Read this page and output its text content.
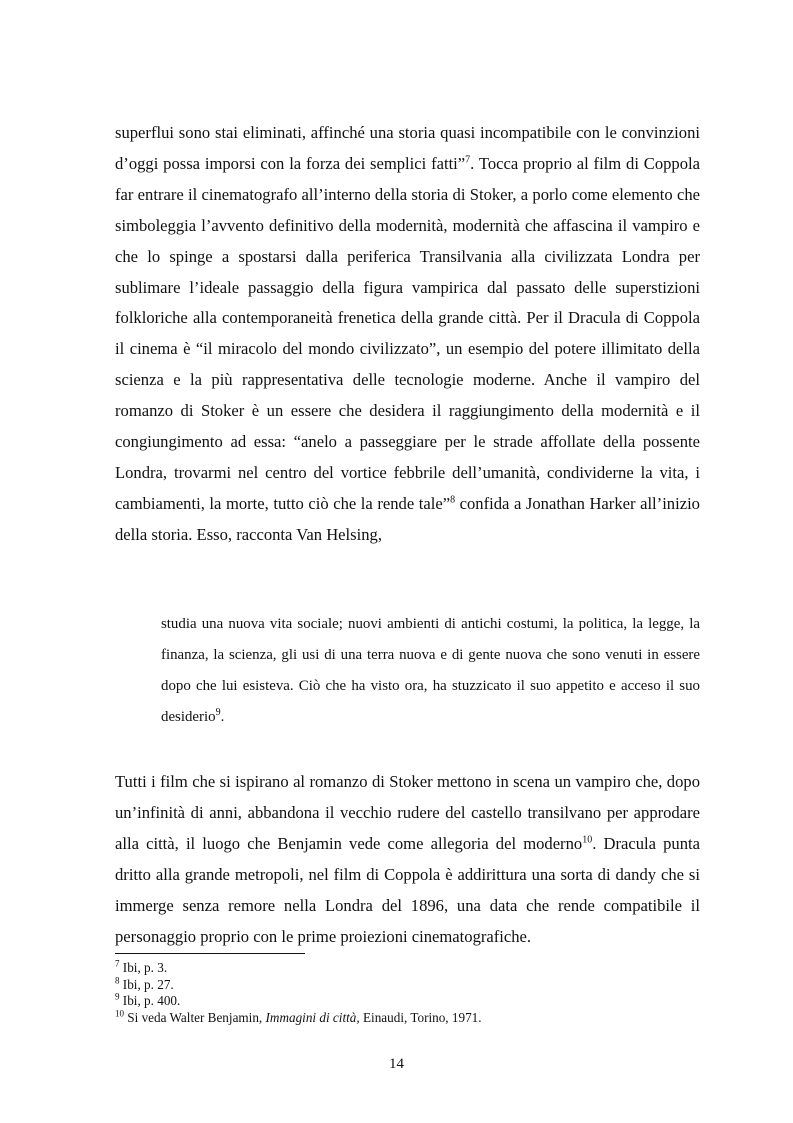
superflui sono stai eliminati, affinché una storia quasi incompatibile con le convinzioni d’oggi possa imporsi con la forza dei semplici fatti”$^7$. Tocca proprio al film di Coppola far entrare il cinematografo all’interno della storia di Stoker, a porlo come elemento che simboleggia l’avvento definitivo della modernità, modernità che affascina il vampiro e che lo spinge a spostarsi dalla periferica Transilvania alla civilizzata Londra per sublimare l’ideale passaggio della figura vampirica dal passato delle superstizioni folkloriche alla contemporaneità frenetica della grande città. Per il Dracula di Coppola il cinema è “il miracolo del mondo civilizzato”, un esempio del potere illimitato della scienza e la più rappresentativa delle tecnologie moderne. Anche il vampiro del romanzo di Stoker è un essere che desidera il raggiungimento della modernità e il congiungimento ad essa: “anelo a passeggiare per le strade affollate della possente Londra, trovarmi nel centro del vortice febbrile dell’umanità, condividerne la vita, i cambiamenti, la morte, tutto ciò che la rende tale”$^8$ confida a Jonathan Harker all’inizio della storia. Esso, racconta Van Helsing,

studia una nuova vita sociale; nuovi ambienti di antichi costumi, la politica, la legge, la finanza, la scienza, gli usi di una terra nuova e di gente nuova che sono venuti in essere dopo che lui esisteva. Ciò che ha visto ora, ha stuzzicato il suo appetito e acceso il suo desiderio$^9$.

Tutti i film che si ispirano al romanzo di Stoker mettono in scena un vampiro che, dopo un’infinità di anni, abbandona il vecchio rudere del castello transilvano per approdare alla città, il luogo che Benjamin vede come allegoria del moderno$^{10}$. Dracula punta dritto alla grande metropoli, nel film di Coppola è addirittura una sorta di dandy che si immerge senza remore nella Londra del 1896, una data che rende compatibile il personaggio proprio con le prime proiezioni cinematografiche.

$^7$ Ibi, p. 3.
$^8$ Ibi, p. 27.
$^9$ Ibi, p. 400.
$^{10}$ Si veda Walter Benjamin, Immagini di città, Einaudi, Torino, 1971.
14
